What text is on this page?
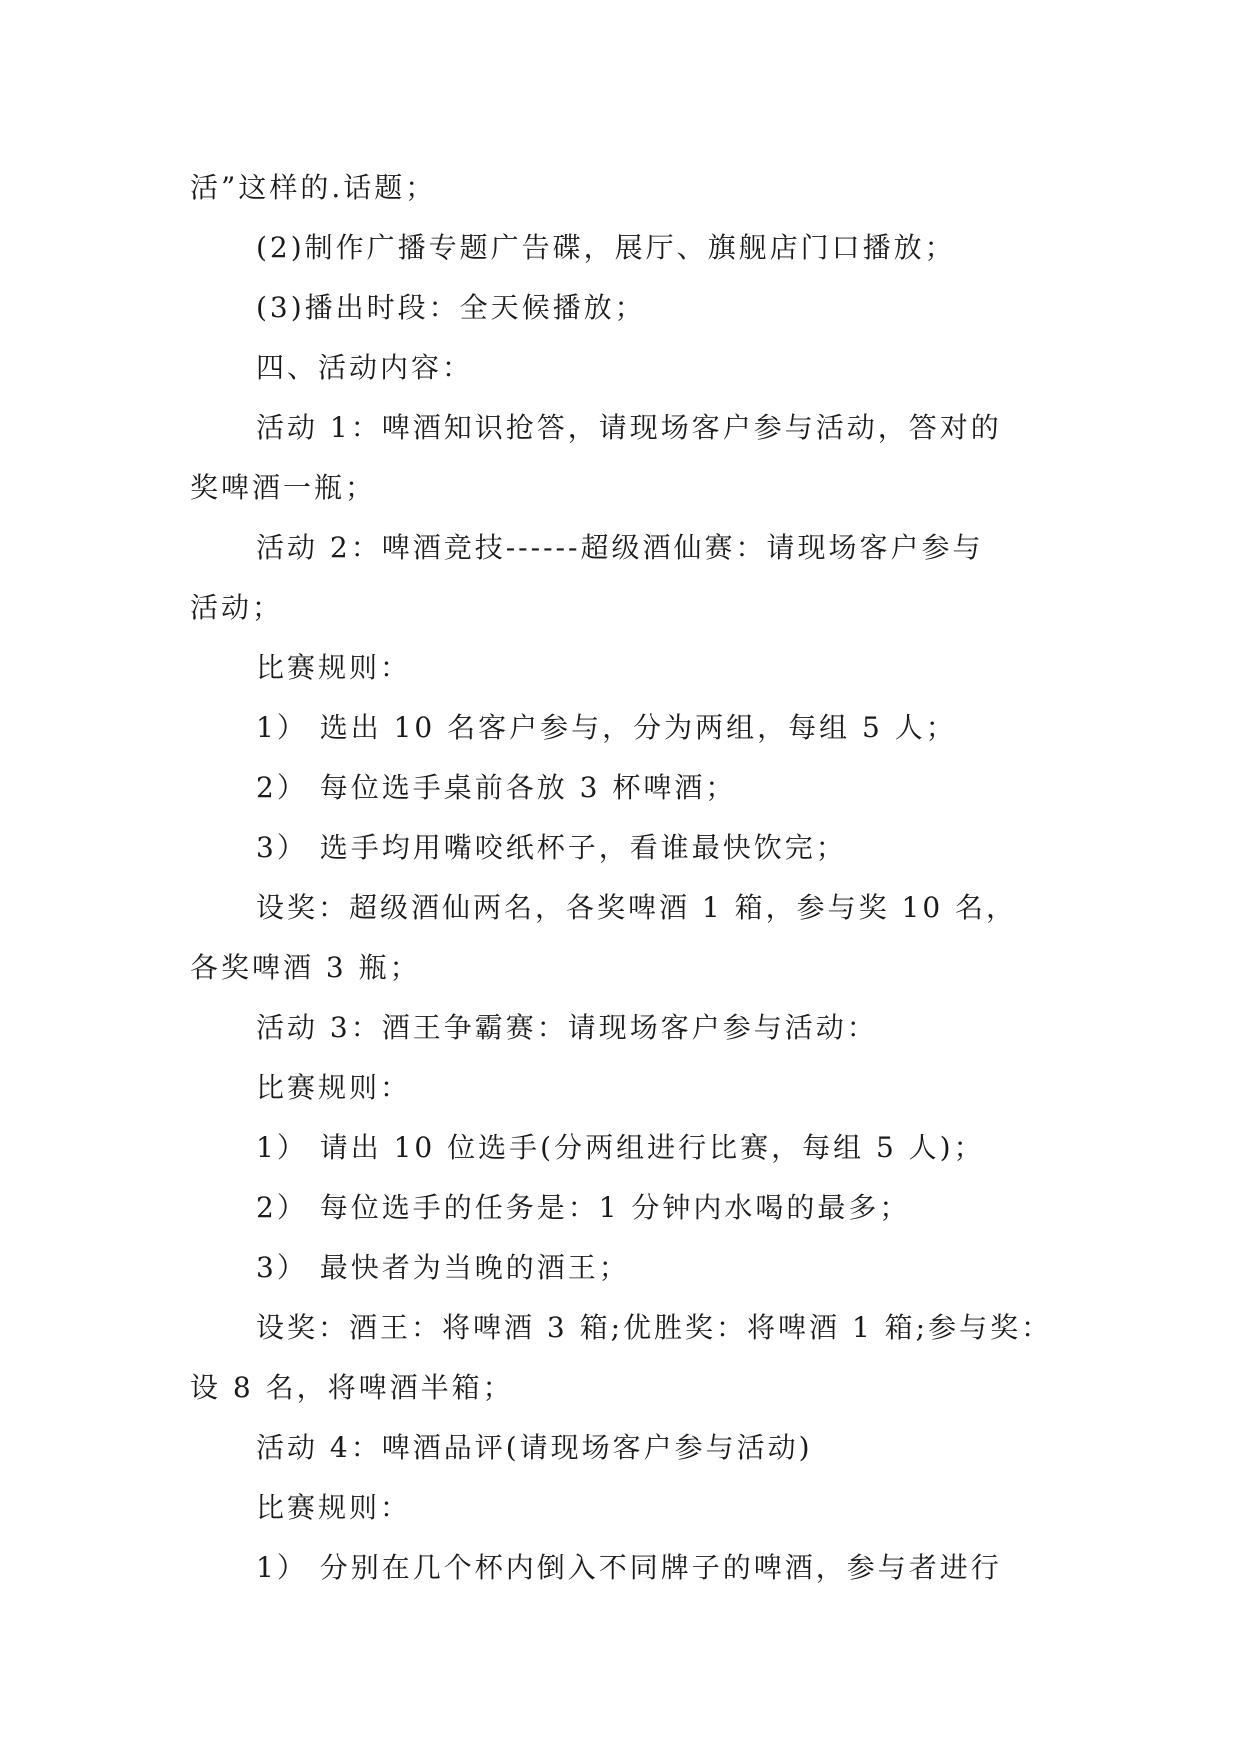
活”这样的.话题；
(2)制作广播专题广告碟，展厅、旗舰店门口播放；
(3)播出时段：全天候播放；
四、活动内容：
活动 1：啤酒知识抢答，请现场客户参与活动，答对的
奖啤酒一瓶；
活动 2：啤酒竞技------超级酒仙赛：请现场客户参与
活动；
比赛规则：
1） 选出 10 名客户参与，分为两组，每组 5 人；
2） 每位选手桌前各放 3 杯啤酒；
3） 选手均用嘴咬纸杯子，看谁最快饮完；
设奖：超级酒仙两名，各奖啤酒 1 箱，参与奖 10 名，
各奖啤酒 3 瓶；
活动 3：酒王争霸赛：请现场客户参与活动：
比赛规则：
1） 请出 10 位选手(分两组进行比赛，每组 5 人)；
2） 每位选手的任务是：1 分钟内水喝的最多；
3） 最快者为当晚的酒王；
设奖：酒王：将啤酒 3 箱;优胜奖：将啤酒 1 箱;参与奖：
设 8 名，将啤酒半箱；
活动 4：啤酒品评(请现场客户参与活动)
比赛规则：
1） 分别在几个杯内倒入不同牌子的啤酒，参与者进行
